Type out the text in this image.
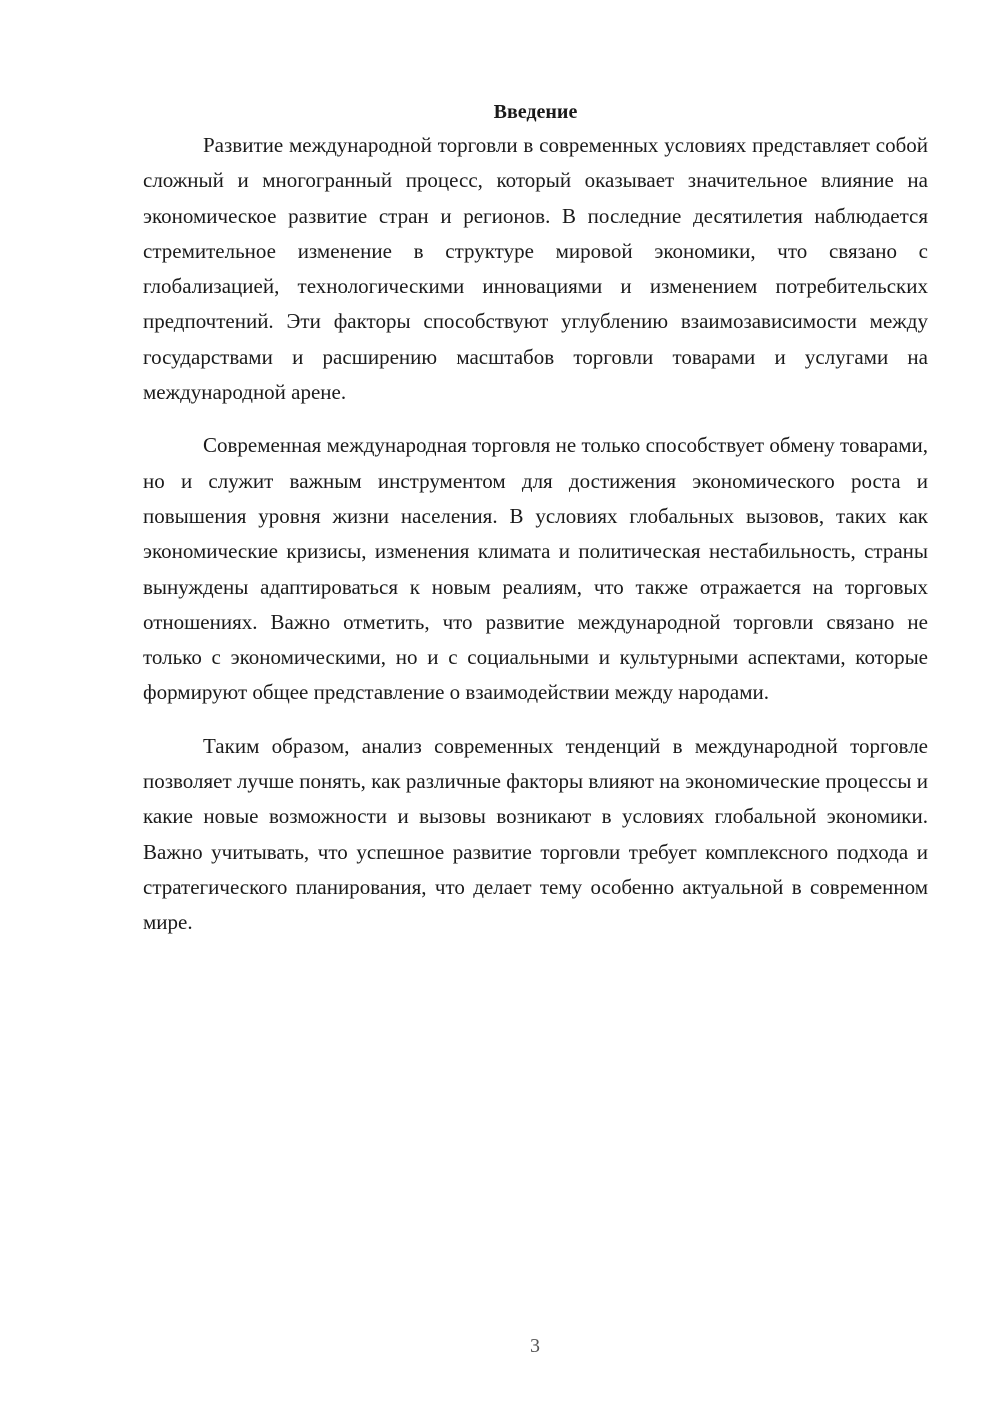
Введение

Развитие международной торговли в современных условиях представляет собой сложный и многогранный процесс, который оказывает значительное влияние на экономическое развитие стран и регионов. В последние десятилетия наблюдается стремительное изменение в структуре мировой экономики, что связано с глобализацией, технологическими инновациями и изменением потребительских предпочтений. Эти факторы способствуют углублению взаимозависимости между государствами и расширению масштабов торговли товарами и услугами на международной арене.

Современная международная торговля не только способствует обмену товарами, но и служит важным инструментом для достижения экономического роста и повышения уровня жизни населения. В условиях глобальных вызовов, таких как экономические кризисы, изменения климата и политическая нестабильность, страны вынуждены адаптироваться к новым реалиям, что также отражается на торговых отношениях. Важно отметить, что развитие международной торговли связано не только с экономическими, но и с социальными и культурными аспектами, которые формируют общее представление о взаимодействии между народами.

Таким образом, анализ современных тенденций в международной торговле позволяет лучше понять, как различные факторы влияют на экономические процессы и какие новые возможности и вызовы возникают в условиях глобальной экономики. Важно учитывать, что успешное развитие торговли требует комплексного подхода и стратегического планирования, что делает тему особенно актуальной в современном мире.

3
